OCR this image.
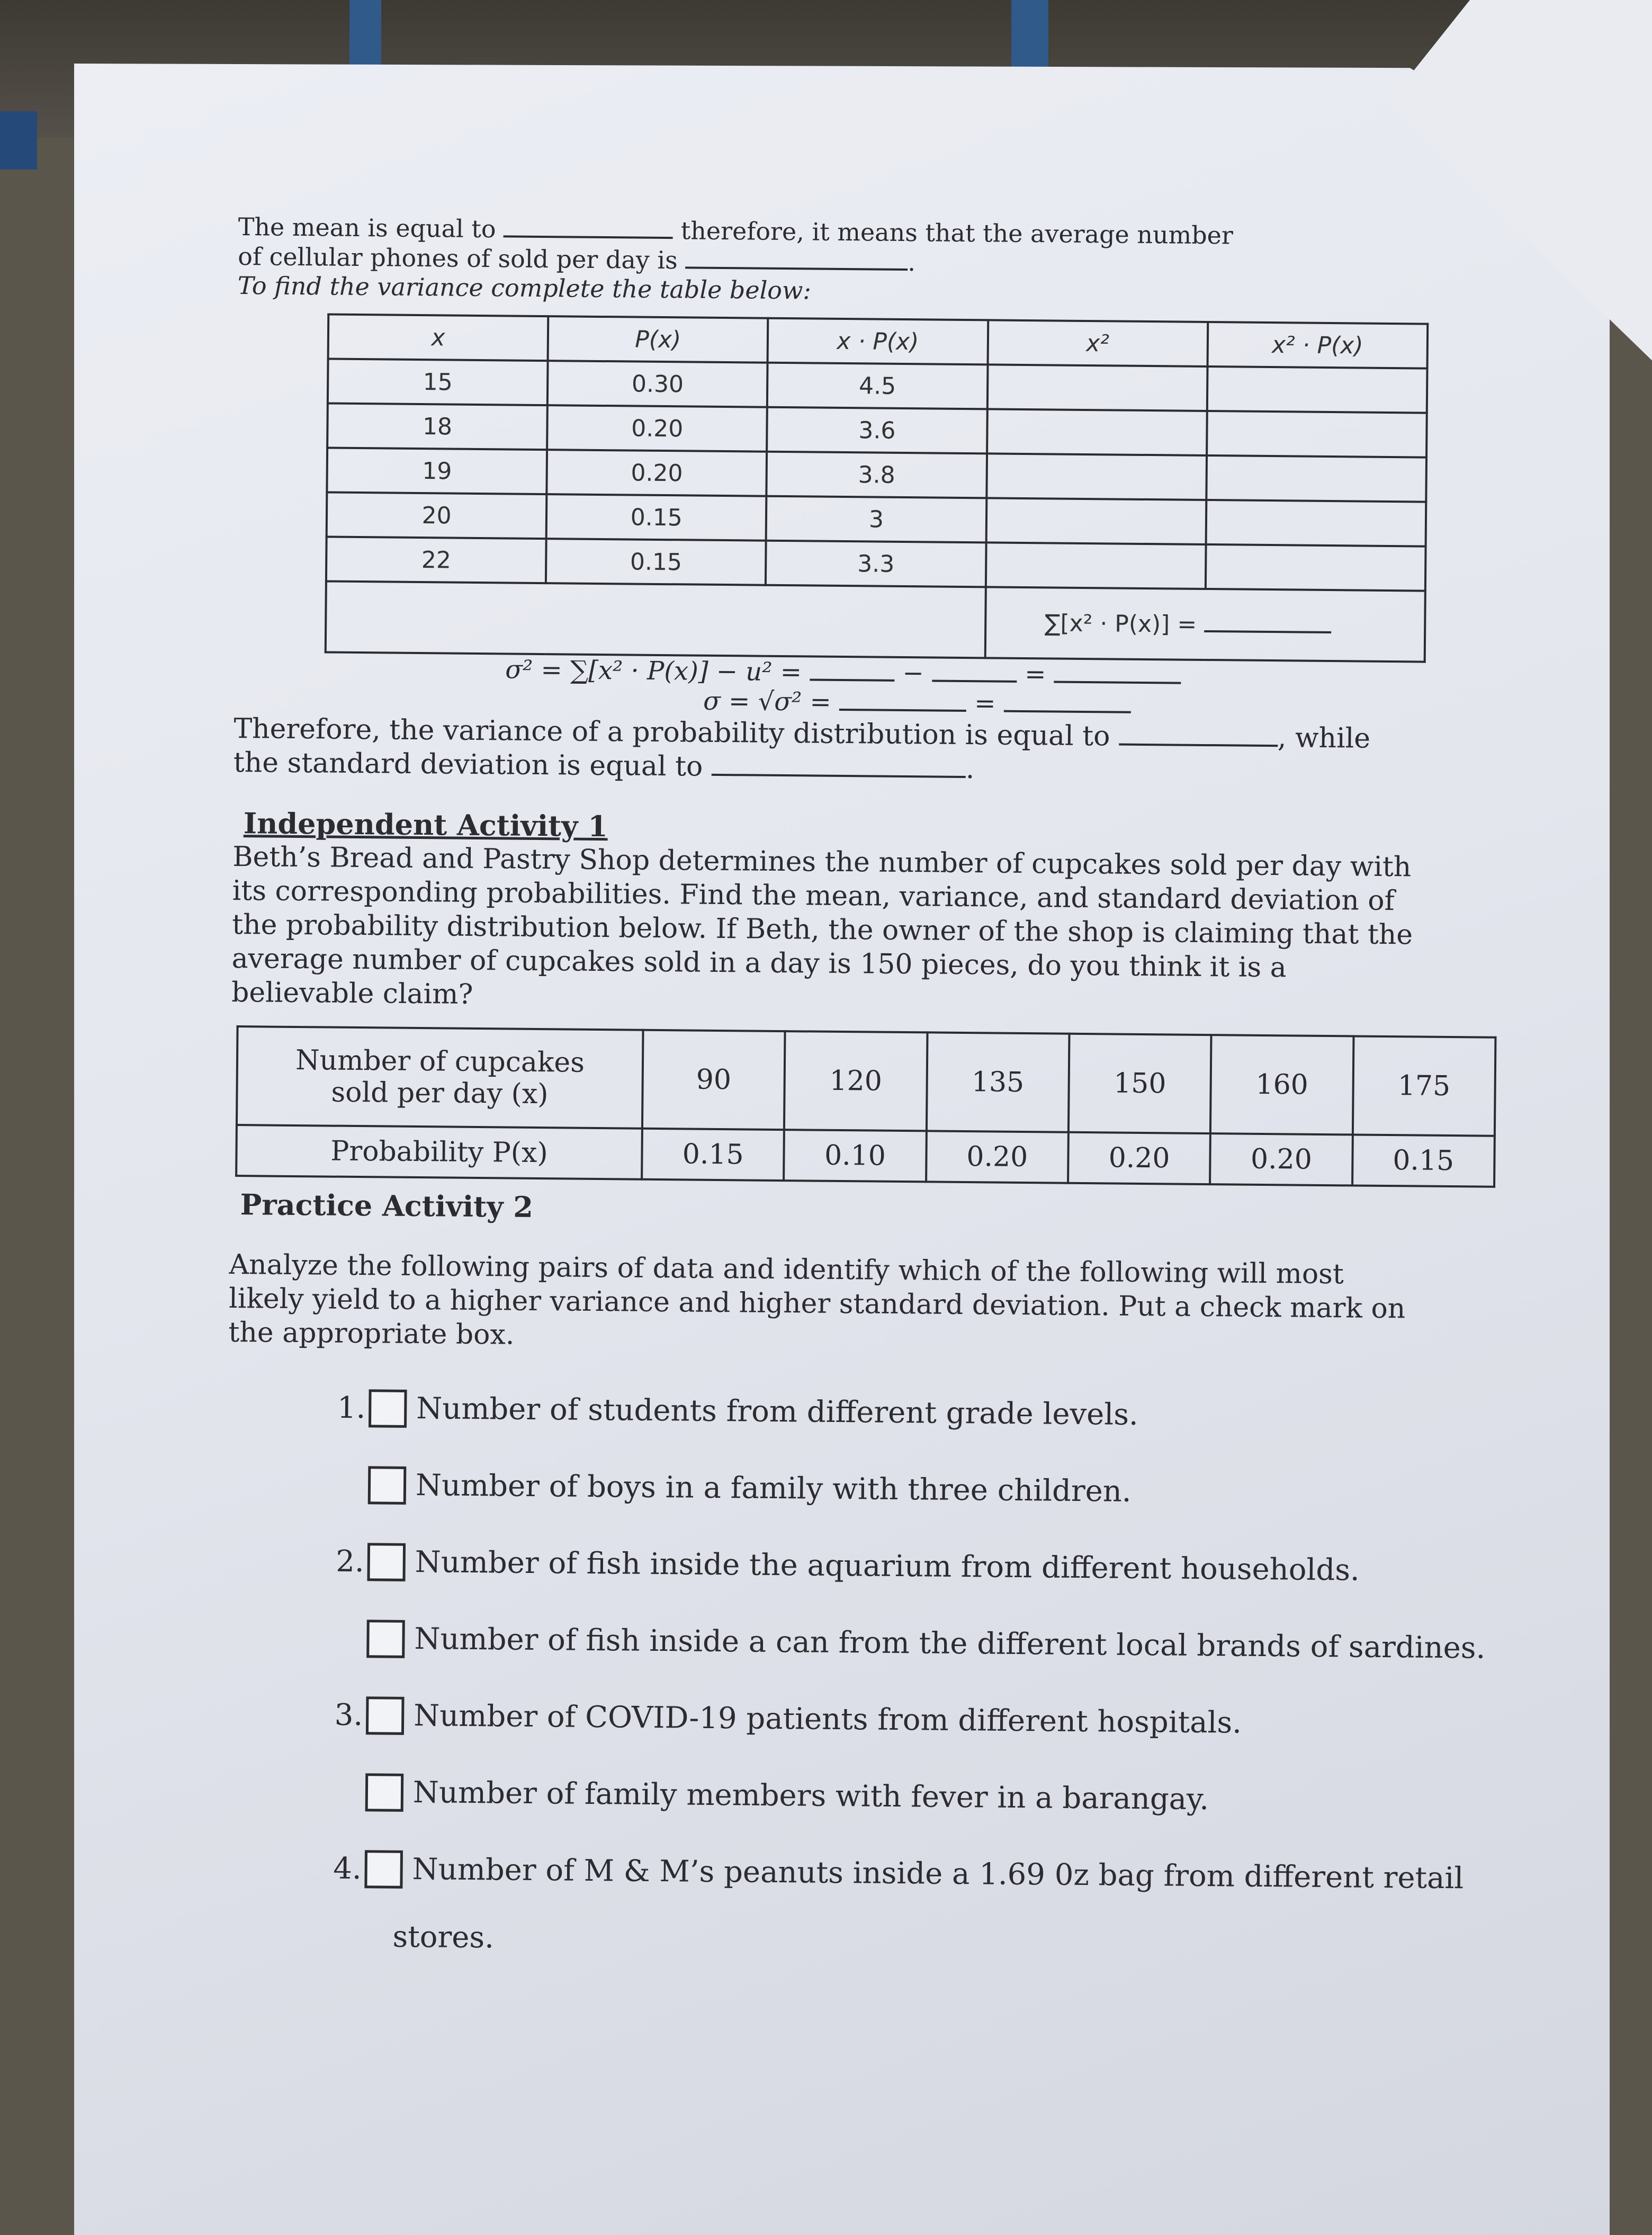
The mean is equal to	therefore, it means that the average number
of cellular phones of sold per day is	.

To find the variance complete the table below:

x	P(x)	x · P(x)	x²	x² · P(x)
15	0.30	4.5		
18	0.20	3.6		
19	0.20	3.8		
20	0.15	3		
22	0.15	3.3		
			∑[x² · P(x)] =	

σ² = ∑[x² · P(x)] − u² =	−	=

σ = √σ² =	=

Therefore, the variance of a probability distribution is equal to	, while
the standard deviation is equal to	.

Independent Activity 1

Beth’s Bread and Pastry Shop determines the number of cupcakes sold per day with its corresponding probabilities. Find the mean, variance, and standard deviation of the probability distribution below. If Beth, the owner of the shop is claiming that the average number of cupcakes sold in a day is 150 pieces, do you think it is a believable claim?

Number of cupcakes
sold per day (x)	90	120	135	150	160	175
Probability P(x)	0.15	0.10	0.20	0.20	0.20	0.15
Practice Activity 2

Analyze the following pairs of data and identify which of the following will most likely yield to a higher variance and higher standard deviation. Put a check mark on the appropriate box.

1. Number of students from different grade levels.
Number of boys in a family with three children.
2. Number of fish inside the aquarium from different households.
Number of fish inside a can from the different local brands of sardines.
3. Number of COVID-19 patients from different hospitals.
Number of family members with fever in a barangay.
4. Number of M & M’s peanuts inside a 1.69 0z bag from different retail
stores.
